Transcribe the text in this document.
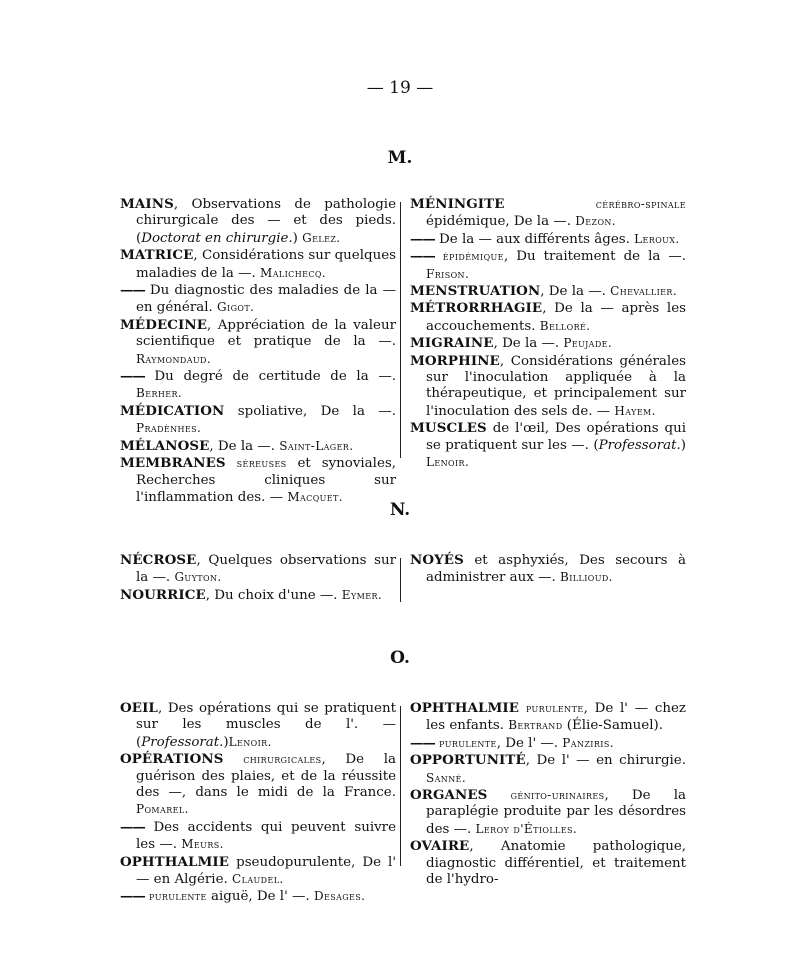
— 19 —
M.

MAINS, Observations de pathologie chirurgicale des — et des pieds. (Doctorat en chirurgie.) Gelez.

MATRICE, Considérations sur quelques maladies de la —. Malichecq.

—— Du diagnostic des maladies de la — en général. Gigot.

MÉDECINE, Appréciation de la valeur scientifique et pratique de la —. Raymondaud.

—— Du degré de certitude de la —. Berher.

MÉDICATION spoliative, De la —. Pradènhes.

MÉLANOSE, De la —. Saint-Lager.

MEMBRANES séreuses et synoviales, Recherches cliniques sur l'inflammation des. — Macquet.

MÉNINGITE	cérébro-spinale épidémique, De la —. Dezon.

—— De la — aux différents âges. Leroux.

—— épidémique, Du traitement de la —. Frison.

MENSTRUATION, De la —. Chevallier.

MÉTRORRHAGIE, De la — après les accouchements. Belloré.

MIGRAINE, De la —. Peujade.

MORPHINE, Considérations générales sur l'inoculation appliquée à la thérapeutique, et principalement sur l'inoculation des sels de. — Hayem.

MUSCLES de l'œil, Des opérations qui se pratiquent sur les —. (Professorat.) Lenoir.

N.

NÉCROSE, Quelques observations sur la —. Guyton.

NOURRICE, Du choix d'une —. Eymer.

NOYÉS et asphyxiés, Des secours à administrer aux —. Billioud.

O.

OEIL, Des opérations qui se pratiquent sur les muscles de l'. —(Professorat.)Lenoir.

OPÉRATIONS chirurgicales, De la guérison des plaies, et de la réussite des —, dans le midi de la France. Pomarel.

—— Des accidents qui peuvent suivre les —. Meurs.

OPHTHALMIE pseudopurulente, De l' — en Algérie. Claudel.

—— purulente aiguë, De l' —. Desages.

OPHTHALMIE purulente, De l' — chez les enfants. Bertrand (Élie-Samuel).

—— purulente, De l' —. Panziris.

OPPORTUNITÉ, De l' — en chirurgie. Sanné.

ORGANES génito-urinaires, De la paraplégie produite par les désordres des —. Leroy d'Étiolles.

OVAIRE, Anatomie pathologique, diagnostic différentiel, et traitement de l'hydro-
